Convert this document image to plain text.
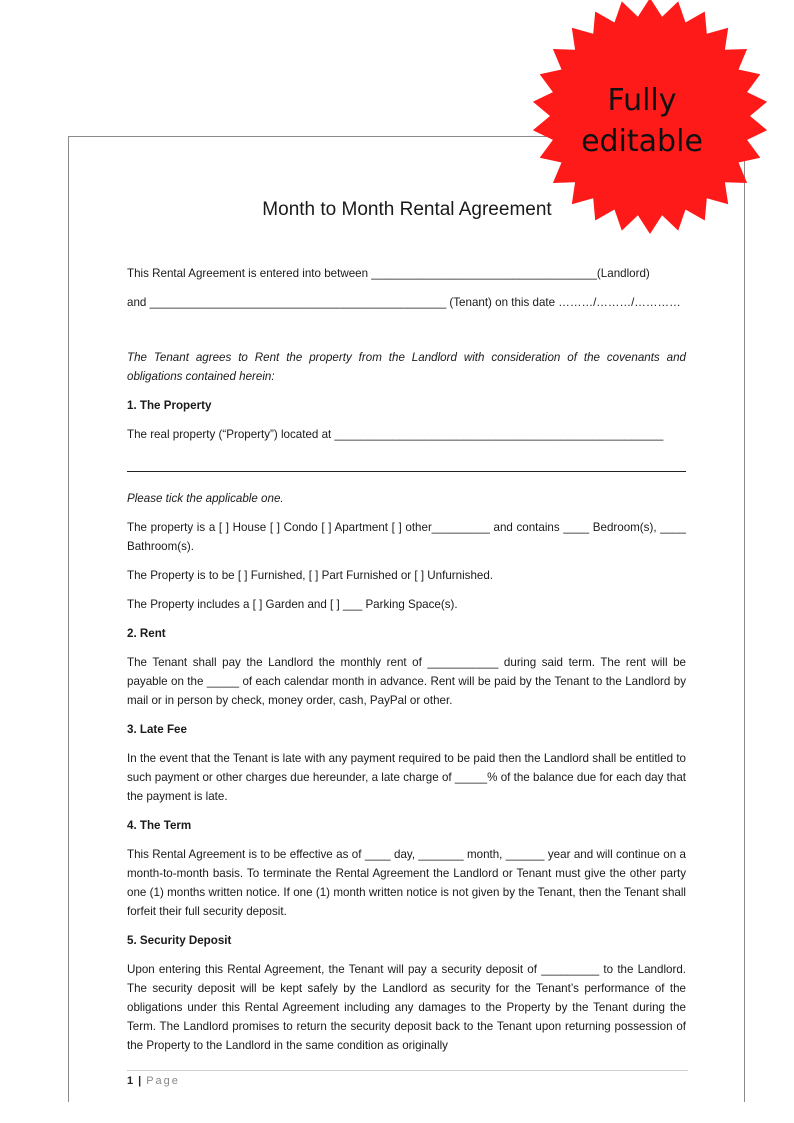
Month to Month Rental Agreement

This Rental Agreement is entered into between ___________________________________(Landlord)

and ______________________________________________ (Tenant) on this date ………/………/…………

The Tenant agrees to Rent the property from the Landlord with consideration of the covenants and obligations contained herein:

1. The Property

The real property (“Property”) located at ___________________________________________________

Please tick the applicable one.

The property is a [ ] House [ ] Condo [ ] Apartment [ ] other_________ and contains ____ Bedroom(s), ____ Bathroom(s).

The Property is to be [ ] Furnished, [ ] Part Furnished or [ ] Unfurnished.

The Property includes a [ ] Garden and [ ] ___ Parking Space(s).

2. Rent

The Tenant shall pay the Landlord the monthly rent of ___________ during said term. The rent will be payable on the _____ of each calendar month in advance. Rent will be paid by the Tenant to the Landlord by mail or in person by check, money order, cash, PayPal or other.

3. Late Fee

In the event that the Tenant is late with any payment required to be paid then the Landlord shall be entitled to such payment or other charges due hereunder, a late charge of _____% of the balance due for each day that the payment is late.

4. The Term

This Rental Agreement is to be effective as of ____ day, _______ month, ______ year and will continue on a month-to-month basis. To terminate the Rental Agreement the Landlord or Tenant must give the other party one (1) months written notice. If one (1) month written notice is not given by the Tenant, then the Tenant shall forfeit their full security deposit.

5. Security Deposit

Upon entering this Rental Agreement, the Tenant will pay a security deposit of _________ to the Landlord. The security deposit will be kept safely by the Landlord as security for the Tenant’s performance of the obligations under this Rental Agreement including any damages to the Property by the Tenant during the Term. The Landlord promises to return the security deposit back to the Tenant upon returning possession of the Property to the Landlord in the same condition as originally

1 | Page
Fully
editable
